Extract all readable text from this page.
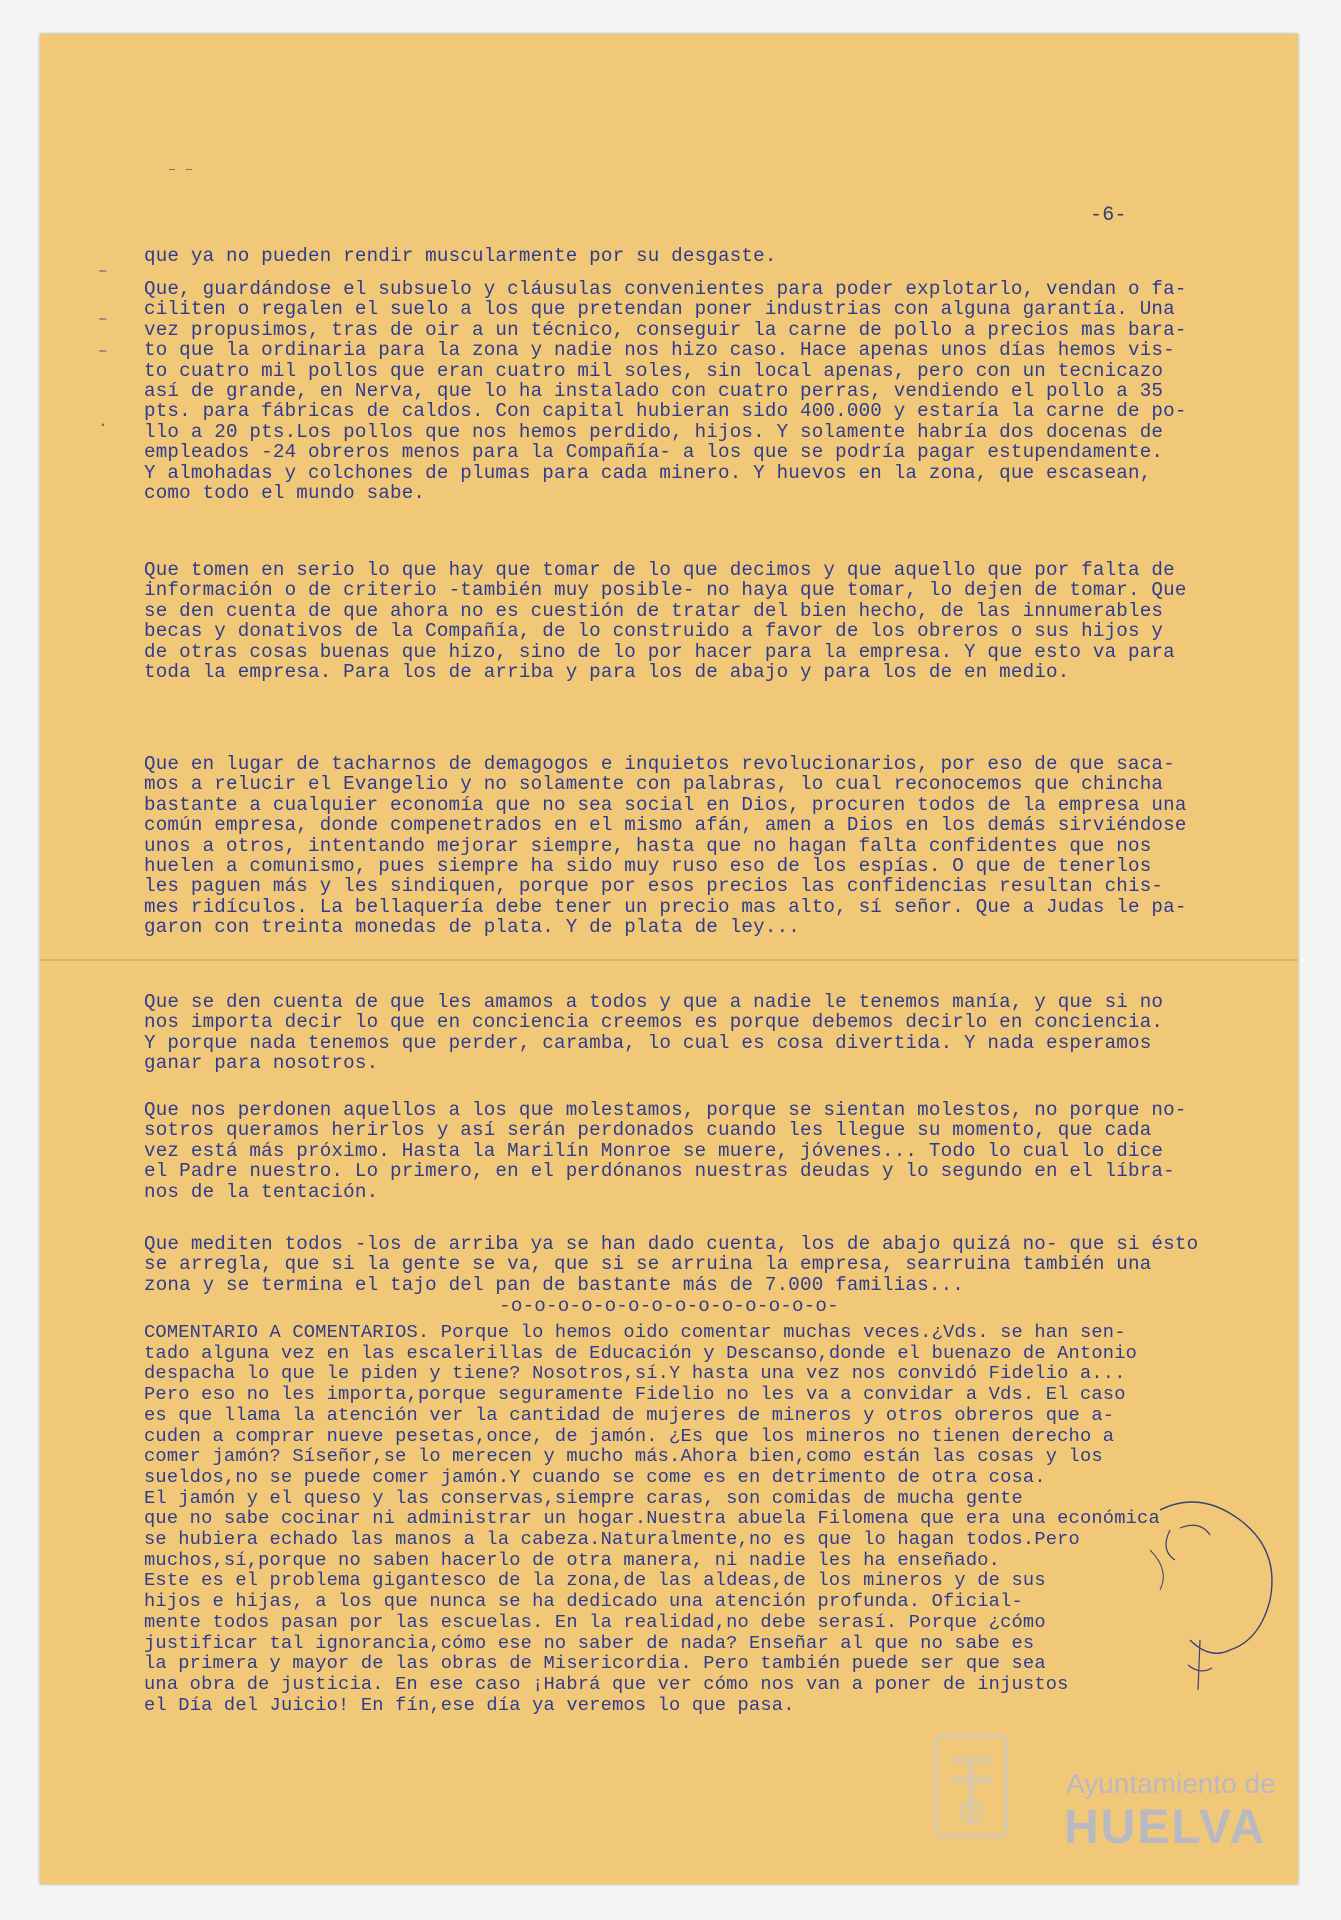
– –
–
–
–
·
-6-
que ya no pueden rendir muscularmente por su desgaste.
Que, guardándose el subsuelo y cláusulas convenientes para poder explotarlo, vendan o fa-
ciliten o regalen el suelo a los que pretendan poner industrias con alguna garantía. Una
vez propusimos, tras de oir a un técnico, conseguir la carne de pollo a precios mas bara-
to que la ordinaria para la zona y nadie nos hizo caso. Hace apenas unos días hemos vis-
to cuatro mil pollos que eran cuatro mil soles, sin local apenas, pero con un tecnicazo
así de grande, en Nerva, que lo ha instalado con cuatro perras, vendiendo el pollo a 35
pts. para fábricas de caldos. Con capital hubieran sido 400.000 y estaría la carne de po-
llo a 20 pts.Los pollos que nos hemos perdido, hijos. Y solamente habría dos docenas de
empleados -24 obreros menos para la Compañía- a los que se podría pagar estupendamente.
Y almohadas y colchones de plumas para cada minero. Y huevos en la zona, que escasean,
como todo el mundo sabe.
Que tomen en serio lo que hay que tomar de lo que decimos y que aquello que por falta de
información o de criterio -también muy posible- no haya que tomar, lo dejen de tomar. Que
se den cuenta de que ahora no es cuestión de tratar del bien hecho, de las innumerables
becas y donativos de la Compañía, de lo construido a favor de los obreros o sus hijos y
de otras cosas buenas que hizo, sino de lo por hacer para la empresa. Y que esto va para
toda la empresa. Para los de arriba y para los de abajo y para los de en medio.
Que en lugar de tacharnos de demagogos e inquietos revolucionarios, por eso de que saca-
mos a relucir el Evangelio y no solamente con palabras, lo cual reconocemos que chincha
bastante a cualquier economía que no sea social en Dios, procuren todos de la empresa una
común empresa, donde compenetrados en el mismo afán, amen a Dios en los demás sirviéndose
unos a otros, intentando mejorar siempre, hasta que no hagan falta confidentes que nos
huelen a comunismo, pues siempre ha sido muy ruso eso de los espías. O que de tenerlos
les paguen más y les sindiquen, porque por esos precios las confidencias resultan chis-
mes ridículos. La bellaquería debe tener un precio mas alto, sí señor. Que a Judas le pa-
garon con treinta monedas de plata. Y de plata de ley...
Que se den cuenta de que les amamos a todos y que a nadie le tenemos manía, y que si no
nos importa decir lo que en conciencia creemos es porque debemos decirlo en conciencia.
Y porque nada tenemos que perder, caramba, lo cual es cosa divertida. Y nada esperamos
ganar para nosotros.
Que nos perdonen aquellos a los que molestamos, porque se sientan molestos, no porque no-
sotros queramos herirlos y así serán perdonados cuando les llegue su momento, que cada
vez está más próximo. Hasta la Marilín Monroe se muere, jóvenes... Todo lo cual lo dice
el Padre nuestro. Lo primero, en el perdónanos nuestras deudas y lo segundo en el líbra-
nos de la tentación.
Que mediten todos -los de arriba ya se han dado cuenta, los de abajo quizá no- que si ésto
se arregla, que si la gente se va, que si se arruina la empresa, searruina también una
zona y se termina el tajo del pan de bastante más de 7.000 familias...
-o-o-o-o-o-o-o-o-o-o-o-o-o-o-
COMENTARIO A COMENTARIOS. Porque lo hemos oido comentar muchas veces.¿Vds. se han sen-
tado alguna vez en las escalerillas de Educación y Descanso,donde el buenazo de Antonio
despacha lo que le piden y tiene? Nosotros,sí.Y hasta una vez nos convidó Fidelio a...
Pero eso no les importa,porque seguramente Fidelio no les va a convidar a Vds. El caso
es que llama la atención ver la cantidad de mujeres de mineros y otros obreros que a-
cuden a comprar nueve pesetas,once, de jamón. ¿Es que los mineros no tienen derecho a
comer jamón? Síseñor,se lo merecen y mucho más.Ahora bien,como están las cosas y los
sueldos,no se puede comer jamón.Y cuando se come es en detrimento de otra cosa.
El jamón y el queso y las conservas,siempre caras, son comidas de mucha gente
que no sabe cocinar ni administrar un hogar.Nuestra abuela Filomena que era una económica
se hubiera echado las manos a la cabeza.Naturalmente,no es que lo hagan todos.Pero
muchos,sí,porque no saben hacerlo de otra manera, ni nadie les ha enseñado.
Este es el problema gigantesco de la zona,de las aldeas,de los mineros y de sus
hijos e hijas, a los que nunca se ha dedicado una atención profunda. Oficial-
mente todos pasan por las escuelas. En la realidad,no debe serasí. Porque ¿cómo
justificar tal ignorancia,cómo ese no saber de nada? Enseñar al que no sabe es
la primera y mayor de las obras de Misericordia. Pero también puede ser que sea
una obra de justicia. En ese caso ¡Habrá que ver cómo nos van a poner de injustos
el Día del Juicio! En fín,ese día ya veremos lo que pasa.
Ayuntamiento de
HUELVA
